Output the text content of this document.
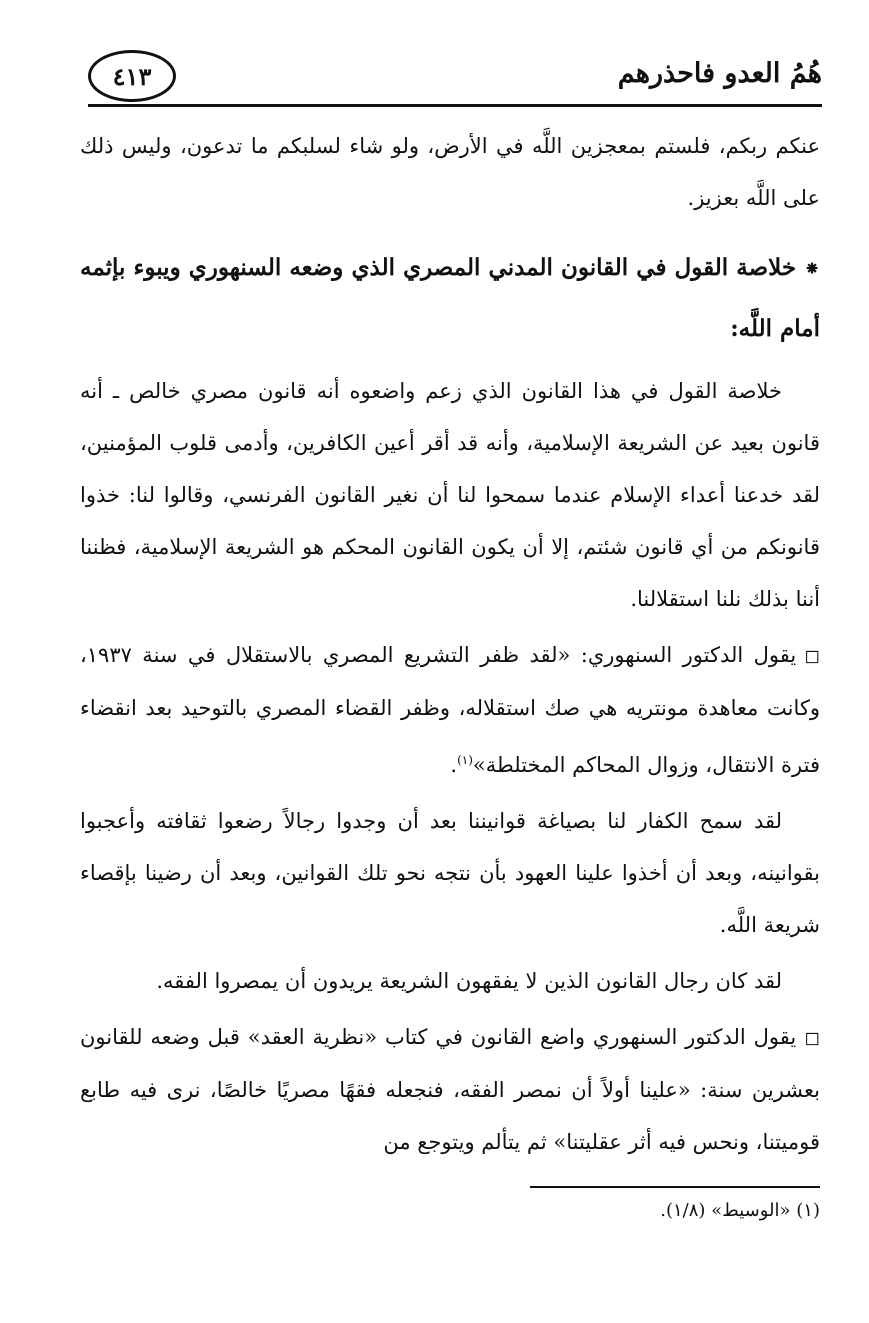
٤١٣	هُمُ العدو فاحذرهم

عنكم ربكم، فلستم بمعجزين اللَّه في الأرض، ولو شاء لسلبكم ما تدعون، وليس ذلك على اللَّه بعزيز.

⁕خلاصة القول في القانون المدني المصري الذي وضعه السنهوري ويبوء بإثمه أمام اللَّه:

خلاصة القول في هذا القانون الذي زعم واضعوه أنه قانون مصري خالص ـ أنه قانون بعيد عن الشريعة الإسلامية، وأنه قد أقر أعين الكافرين، وأدمى قلوب المؤمنين، لقد خدعنا أعداء الإسلام عندما سمحوا لنا أن نغير القانون الفرنسي، وقالوا لنا: خذوا قانونكم من أي قانون شئتم، إلا أن يكون القانون المحكم هو الشريعة الإسلامية، فظننا أننا بذلك نلنا استقلالنا.

◻يقول الدكتور السنهوري: «لقد ظفر التشريع المصري بالاستقلال في سنة ١٩٣٧، وكانت معاهدة مونتريه هي صك استقلاله، وظفر القضاء المصري بالتوحيد بعد انقضاء فترة الانتقال، وزوال المحاكم المختلطة»$^{(١)}$.

لقد سمح الكفار لنا بصياغة قوانيننا بعد أن وجدوا رجالاً رضعوا ثقافته وأعجبوا بقوانينه، وبعد أن أخذوا علينا العهود بأن نتجه نحو تلك القوانين، وبعد أن رضينا بإقصاء شريعة اللَّه.

لقد كان رجال القانون الذين لا يفقهون الشريعة يريدون أن يمصروا الفقه.

◻يقول الدكتور السنهوري واضع القانون في كتاب «نظرية العقد» قبل وضعه للقانون بعشرين سنة: «علينا أولاً أن نمصر الفقه، فنجعله فقهًا مصريًا خالصًا، نرى فيه طابع قوميتنا، ونحس فيه أثر عقليتنا» ثم يتألم ويتوجع من

(١) «الوسيط» (١/٨).
